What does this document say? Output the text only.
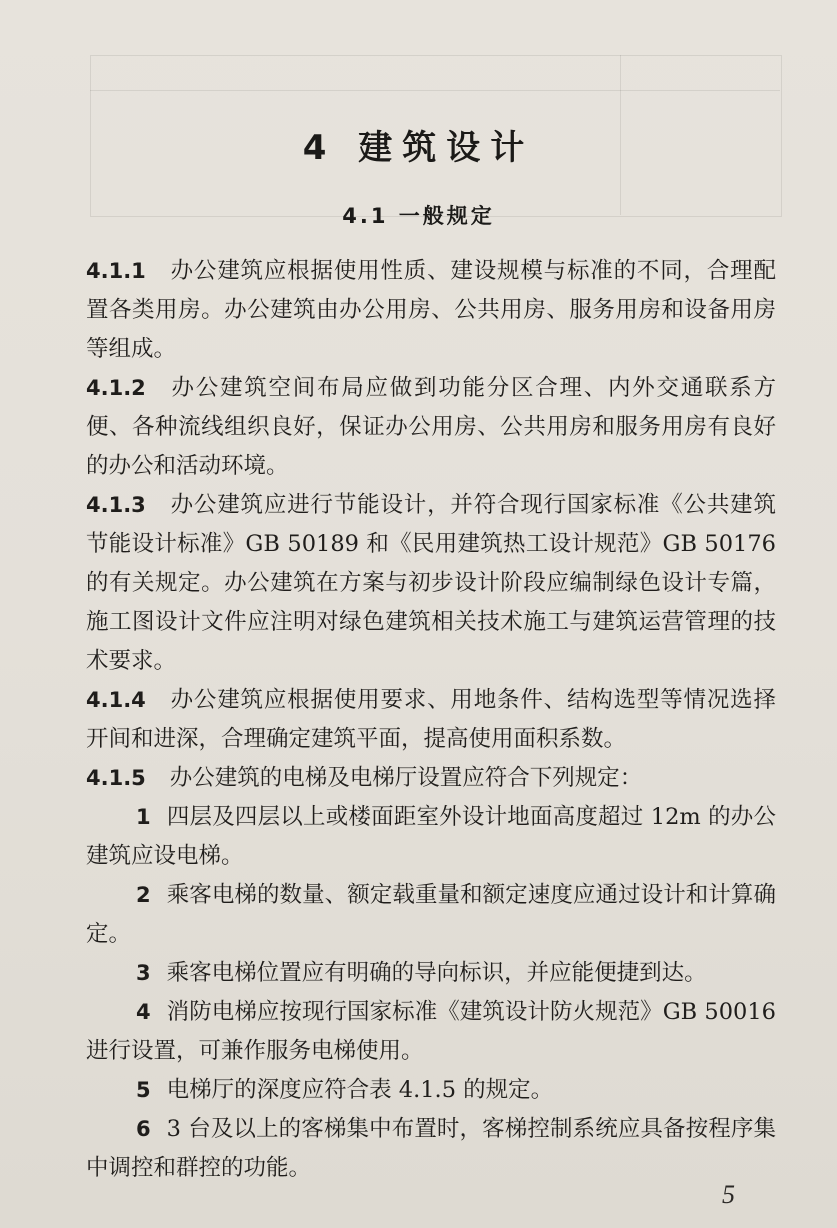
4 建筑设计
4.1 一般规定

4.1.1 办公建筑应根据使用性质、建设规模与标准的不同，合理配置各类用房。办公建筑由办公用房、公共用房、服务用房和设备用房等组成。

4.1.2 办公建筑空间布局应做到功能分区合理、内外交通联系方便、各种流线组织良好，保证办公用房、公共用房和服务用房有良好的办公和活动环境。

4.1.3 办公建筑应进行节能设计，并符合现行国家标准《公共建筑节能设计标准》GB 50189 和《民用建筑热工设计规范》GB 50176 的有关规定。办公建筑在方案与初步设计阶段应编制绿色设计专篇，施工图设计文件应注明对绿色建筑相关技术施工与建筑运营管理的技术要求。

4.1.4 办公建筑应根据使用要求、用地条件、结构选型等情况选择开间和进深，合理确定建筑平面，提高使用面积系数。

4.1.5 办公建筑的电梯及电梯厅设置应符合下列规定：

1 四层及四层以上或楼面距室外设计地面高度超过 12m 的办公建筑应设电梯。

2 乘客电梯的数量、额定载重量和额定速度应通过设计和计算确定。

3 乘客电梯位置应有明确的导向标识，并应能便捷到达。

4 消防电梯应按现行国家标准《建筑设计防火规范》GB 50016 进行设置，可兼作服务电梯使用。

5 电梯厅的深度应符合表 4.1.5 的规定。

6 3 台及以上的客梯集中布置时，客梯控制系统应具备按程序集中调控和群控的功能。

5
